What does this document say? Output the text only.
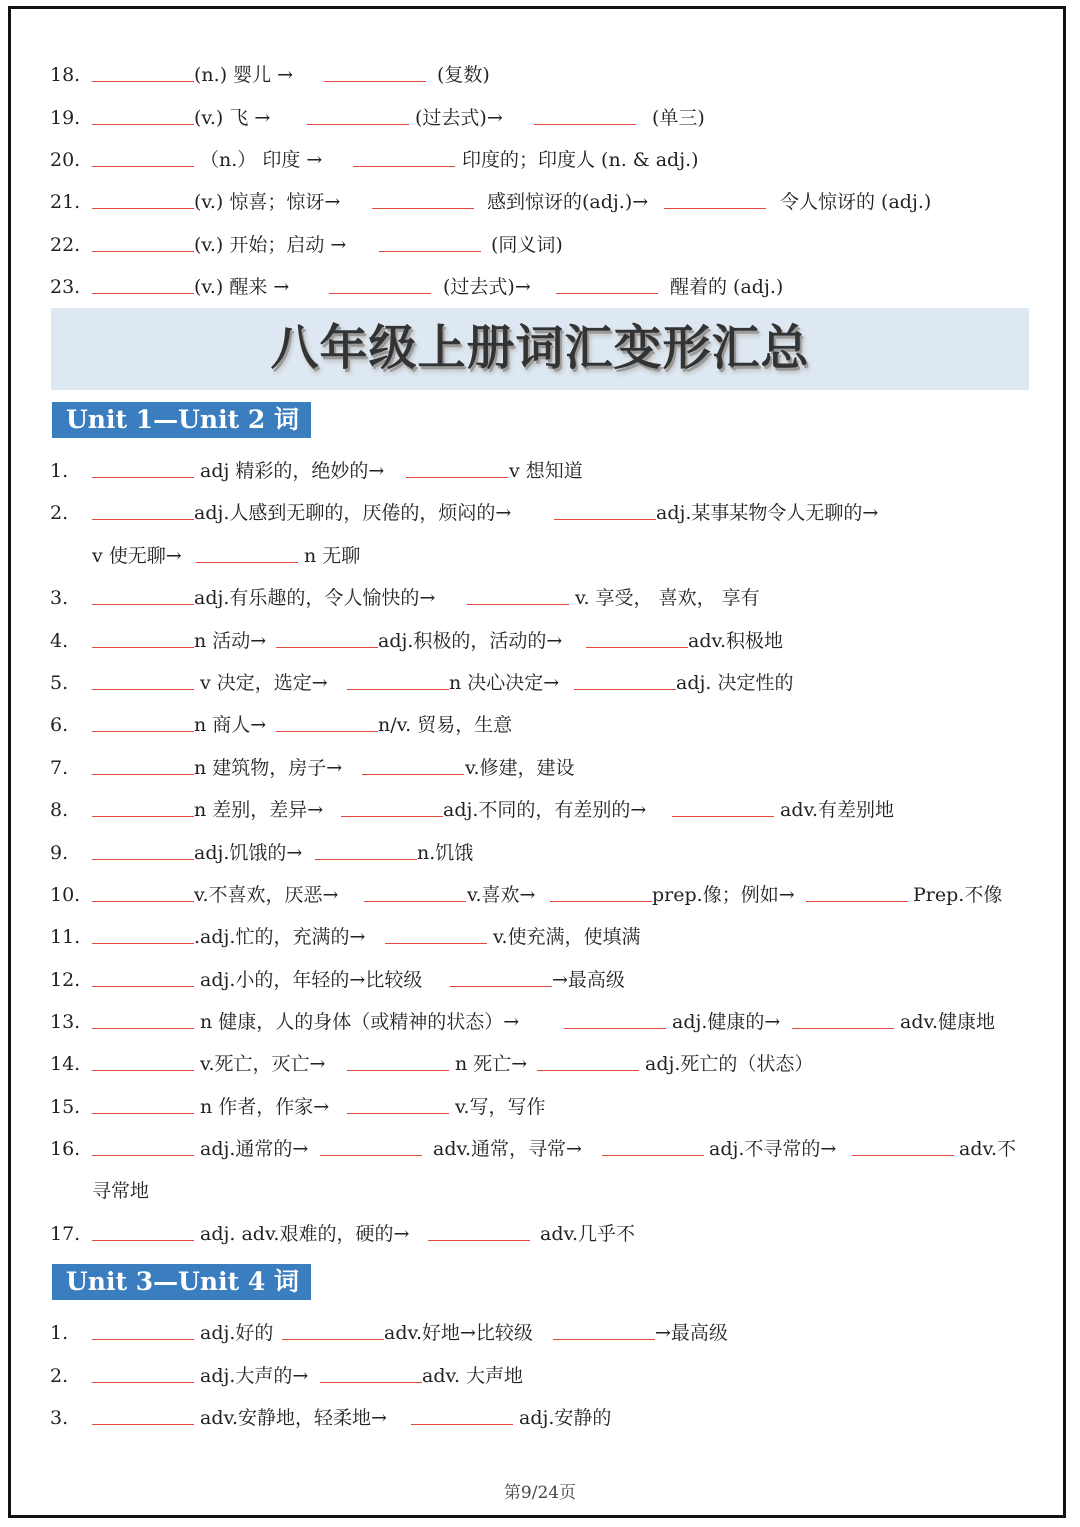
18.	(n.) 婴儿 →	(复数)
19.	(v.) 飞 →	(过去式)→	(单三)
20.	（n.） 印度 →	印度的；印度人 (n. & adj.)
21.	(v.) 惊喜；惊讶→	感到惊讶的(adj.)→	令人惊讶的 (adj.)
22.	(v.) 开始；启动 →	(同义词)
23.	(v.) 醒来 →	(过去式)→	醒着的 (adj.)
八年级上册词汇变形汇总
Unit 1—Unit 2 词汇
1.	adj 精彩的，绝妙的→	v 想知道
2.	adj.人感到无聊的，厌倦的，烦闷的→	adj.某事某物令人无聊的→
v 使无聊→	n 无聊
3.	adj.有乐趣的，令人愉快的→	v. 享受， 喜欢， 享有
4.	n 活动→	adj.积极的，活动的→	adv.积极地
5.	v 决定，选定→	n 决心决定→	adj. 决定性的
6.	n 商人→	n/v. 贸易，生意
7.	n 建筑物，房子→	v.修建，建设
8.	n 差别，差异→	adj.不同的，有差别的→	adv.有差别地
9.	adj.饥饿的→	n.饥饿
10.	v.不喜欢，厌恶→	v.喜欢→	prep.像；例如→	Prep.不像
11.	.adj.忙的，充满的→	v.使充满，使填满
12.	adj.小的，年轻的→比较级	→最高级
13.	n 健康，人的身体（或精神的状态）→	adj.健康的→	adv.健康地
14.	v.死亡，灭亡→	n 死亡→	adj.死亡的（状态）
15.	n 作者，作家→	v.写，写作
16.	adj.通常的→	adv.通常，寻常→	adj.不寻常的→	adv.不
寻常地
17.	adj. adv.艰难的，硬的→	adv.几乎不
Unit 3—Unit 4 词汇
1.	adj.好的	adv.好地→比较级	→最高级
2.	adj.大声的→	adv. 大声地
3.	adv.安静地，轻柔地→	adj.安静的
第9/24页
